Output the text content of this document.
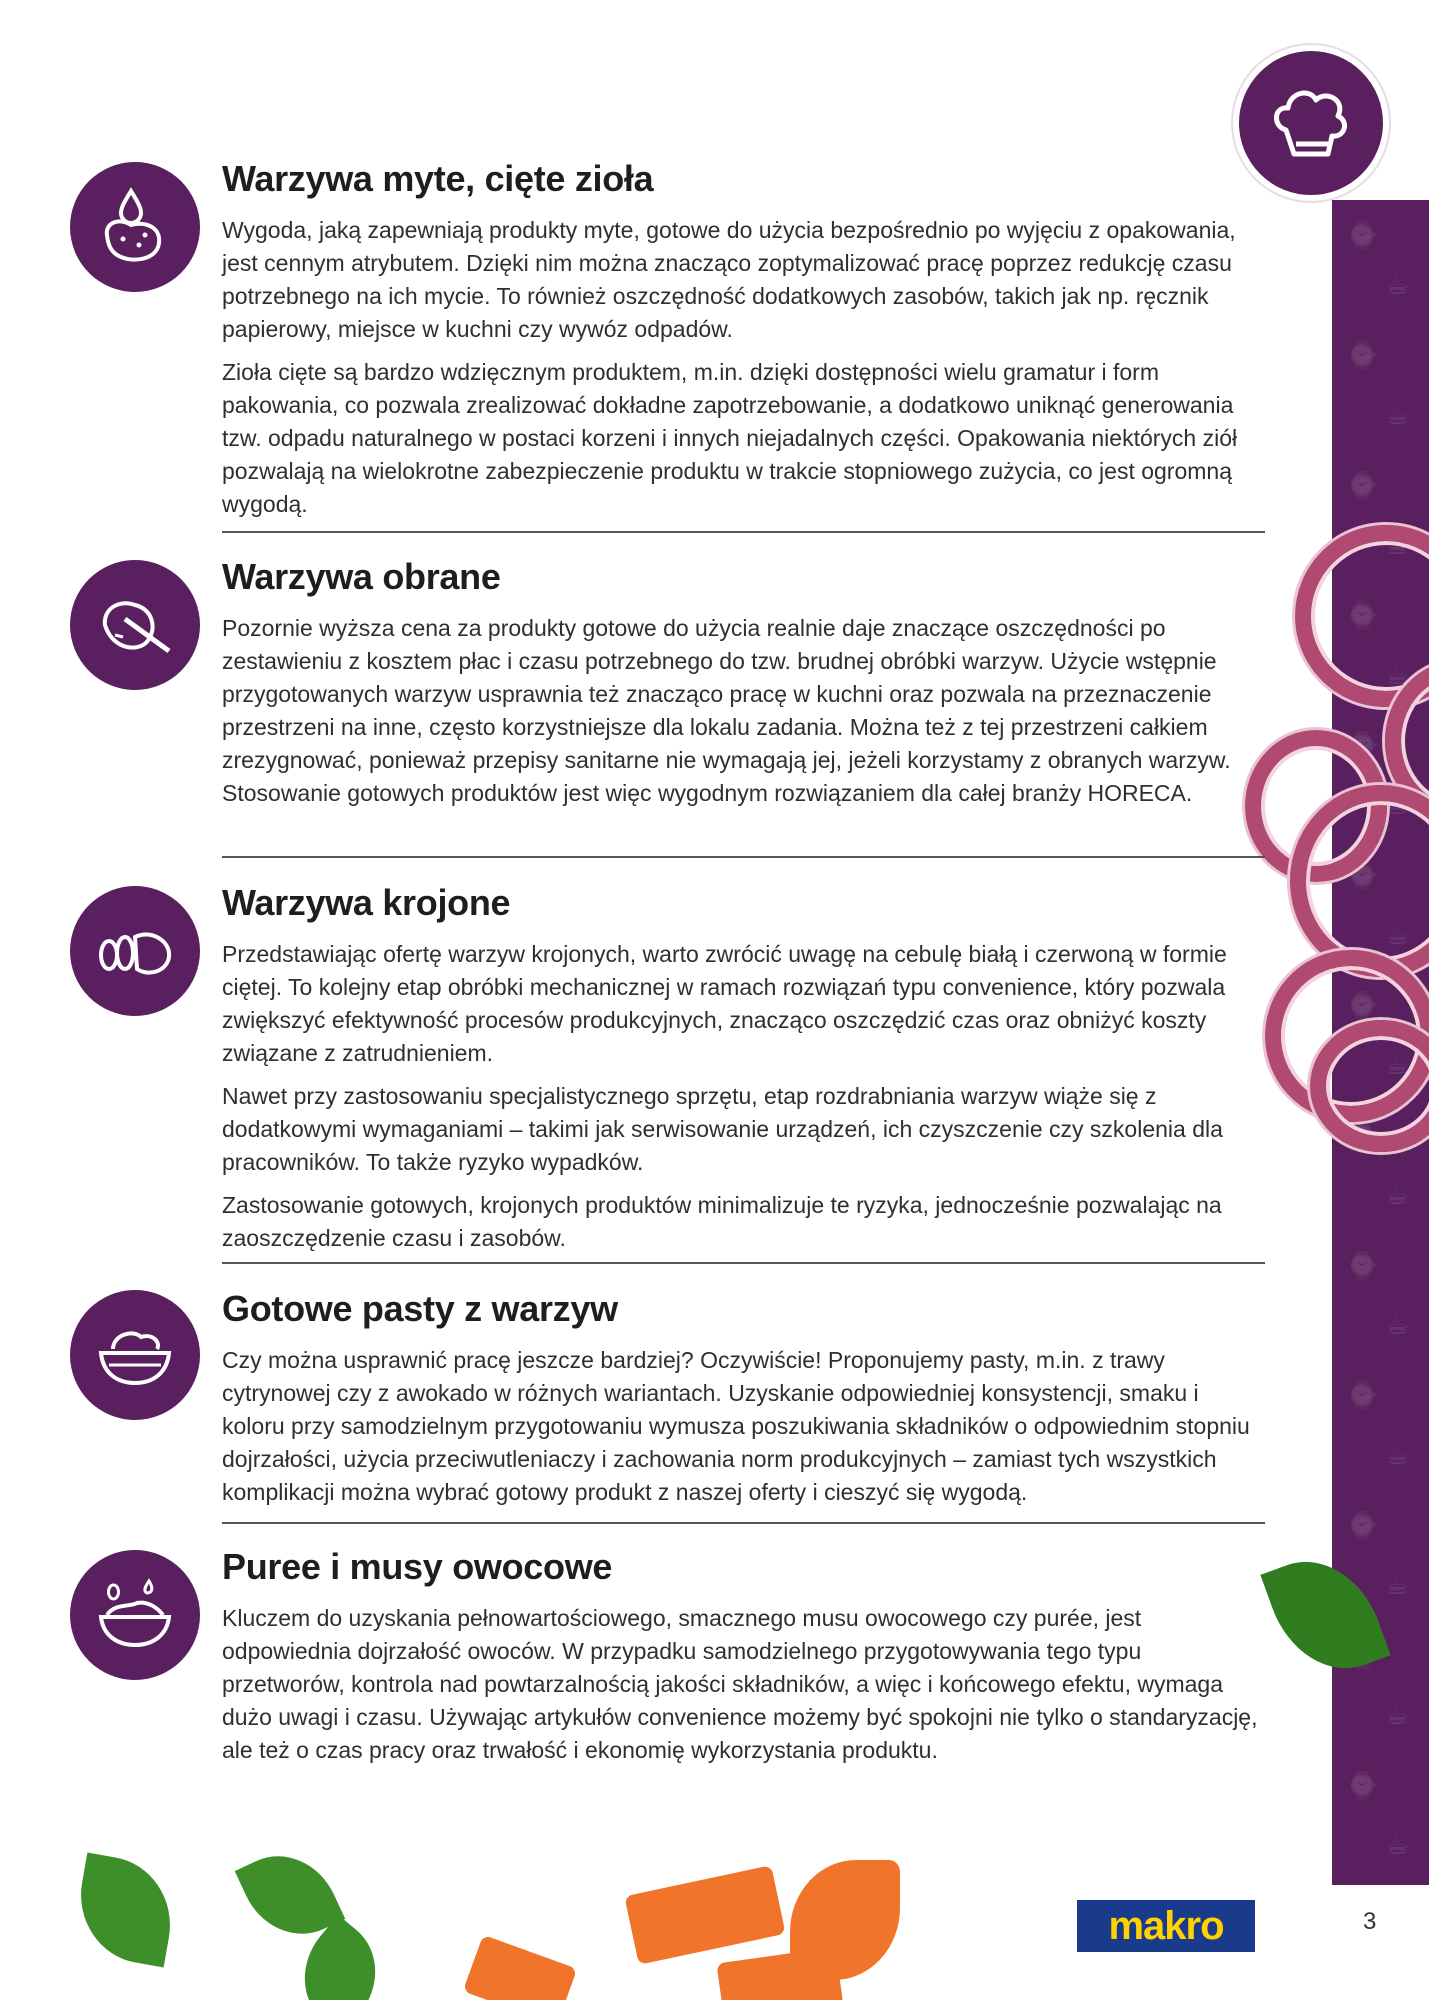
⌚
☕
⌚
☕
⌚
☕
⌚
☕
⌚
☕
⌚
☕
⌚
☕
⌚
☕
⌚
☕
⌚
☕
⌚
☕
☕
⌚
☕
Warzywa myte, cięte zioła

Wygoda, jaką zapewniają produkty myte, gotowe do użycia bezpośrednio po wyjęciu z opakowania, jest cennym atrybutem. Dzięki nim można znacząco zoptymalizować pracę poprzez redukcję czasu potrzebnego na ich mycie. To również oszczędność dodatkowych zasobów, takich jak np. ręcznik papierowy, miejsce w kuchni czy wywóz odpadów.

Zioła cięte są bardzo wdzięcznym produktem, m.in. dzięki dostępności wielu gramatur i form pakowania, co pozwala zrealizować dokładne zapotrzebowanie, a dodatkowo uniknąć generowania tzw. odpadu naturalnego w postaci korzeni i innych niejadalnych części. Opakowania niektórych ziół pozwalają na wielokrotne zabezpieczenie produktu w trakcie stopniowego zużycia, co jest ogromną wygodą.

Warzywa obrane

Pozornie wyższa cena za produkty gotowe do użycia realnie daje znaczące oszczędności po zestawieniu z kosztem płac i czasu potrzebnego do tzw. brudnej obróbki warzyw. Użycie wstępnie przygotowanych warzyw usprawnia też znacząco pracę w kuchni oraz pozwala na przeznaczenie przestrzeni na inne, często korzystniejsze dla lokalu zadania. Można też z tej przestrzeni całkiem zrezygnować, ponieważ przepisy sanitarne nie wymagają jej, jeżeli korzystamy z obranych warzyw. Stosowanie gotowych produktów jest więc wygodnym rozwiązaniem dla całej branży HORECA.

Warzywa krojone

Przedstawiając ofertę warzyw krojonych, warto zwrócić uwagę na cebulę białą i czerwoną w formie ciętej. To kolejny etap obróbki mechanicznej w ramach rozwiązań typu convenience, który pozwala zwiększyć efektywność procesów produkcyjnych, znacząco oszczędzić czas oraz obniżyć koszty związane z zatrudnieniem.

Nawet przy zastosowaniu specjalistycznego sprzętu, etap rozdrabniania warzyw wiąże się z dodatkowymi wymaganiami – takimi jak serwisowanie urządzeń, ich czyszczenie czy szkolenia dla pracowników. To także ryzyko wypadków.

Zastosowanie gotowych, krojonych produktów minimalizuje te ryzyka, jednocześnie pozwalając na zaoszczędzenie czasu i zasobów.

Gotowe pasty z warzyw

Czy można usprawnić pracę jeszcze bardziej? Oczywiście! Proponujemy pasty, m.in. z trawy cytrynowej czy z awokado w różnych wariantach. Uzyskanie odpowiedniej konsystencji, smaku i koloru przy samodzielnym przygotowaniu wymusza poszukiwania składników o odpowiednim stopniu dojrzałości, użycia przeciwutleniaczy i zachowania norm produkcyjnych – zamiast tych wszystkich komplikacji można wybrać gotowy produkt z naszej oferty i cieszyć się wygodą.

Puree i musy owocowe

Kluczem do uzyskania pełnowartościowego, smacznego musu owocowego czy purée, jest odpowiednia dojrzałość owoców. W przypadku samodzielnego przygotowywania tego typu przetworów, kontrola nad powtarzalnością jakości składników, a więc i końcowego efektu, wymaga dużo uwagi i czasu. Używając artykułów convenience możemy być spokojni nie tylko o standaryzację, ale też o czas pracy oraz trwałość i ekonomię wykorzystania produktu.

makro	3
